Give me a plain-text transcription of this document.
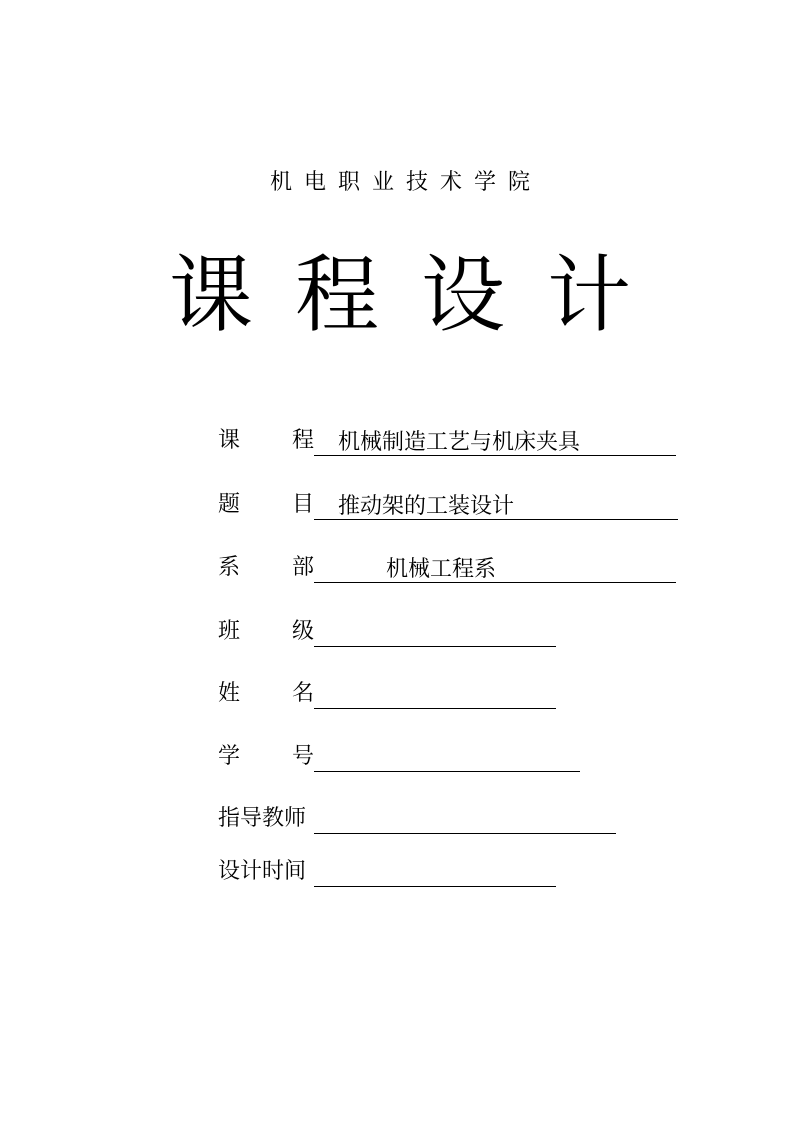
机电职业技术学院
课程设计
课 程	机械制造工艺与机床夹具
题 目	推动架的工装设计
系 部	机械工程系
班 级
姓 名
学 号
指导教师
设计时间
